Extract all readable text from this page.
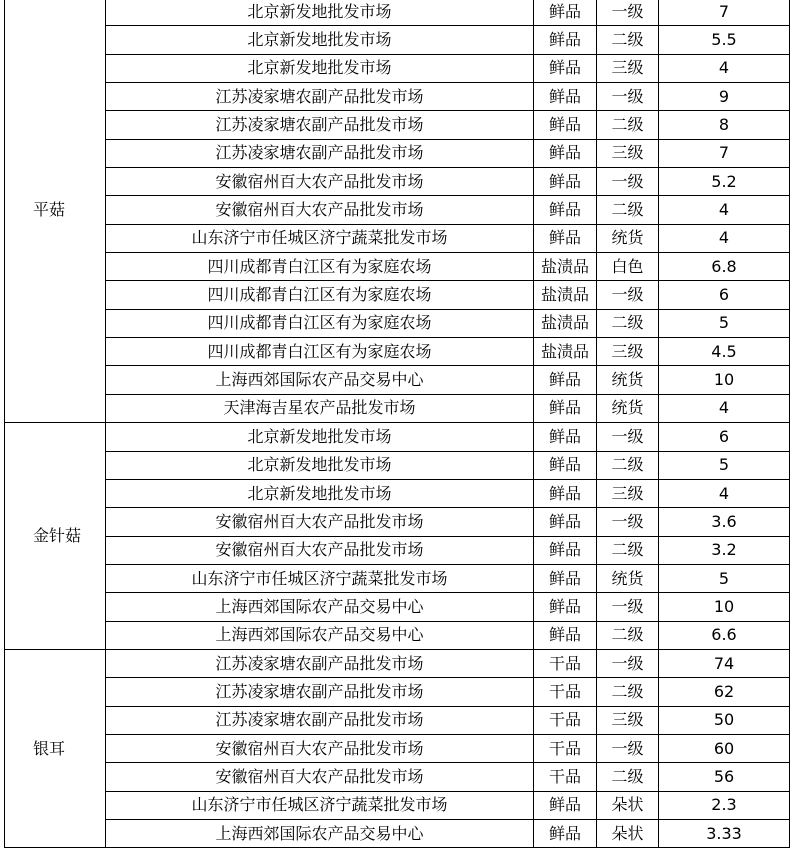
平菇	北京新发地批发市场	鲜品	一级	7
	北京新发地批发市场	鲜品	二级	5.5
	北京新发地批发市场	鲜品	三级	4
	江苏凌家塘农副产品批发市场	鲜品	一级	9
	江苏凌家塘农副产品批发市场	鲜品	二级	8
	江苏凌家塘农副产品批发市场	鲜品	三级	7
	安徽宿州百大农产品批发市场	鲜品	一级	5.2
	安徽宿州百大农产品批发市场	鲜品	二级	4
	山东济宁市任城区济宁蔬菜批发市场	鲜品	统货	4
	四川成都青白江区有为家庭农场	盐渍品	白色	6.8
	四川成都青白江区有为家庭农场	盐渍品	一级	6
	四川成都青白江区有为家庭农场	盐渍品	二级	5
	四川成都青白江区有为家庭农场	盐渍品	三级	4.5
	上海西郊国际农产品交易中心	鲜品	统货	10
	天津海吉星农产品批发市场	鲜品	统货	4
金针菇	北京新发地批发市场	鲜品	一级	6
	北京新发地批发市场	鲜品	二级	5
	北京新发地批发市场	鲜品	三级	4
	安徽宿州百大农产品批发市场	鲜品	一级	3.6
	安徽宿州百大农产品批发市场	鲜品	二级	3.2
	山东济宁市任城区济宁蔬菜批发市场	鲜品	统货	5
	上海西郊国际农产品交易中心	鲜品	一级	10
	上海西郊国际农产品交易中心	鲜品	二级	6.6
银耳	江苏凌家塘农副产品批发市场	干品	一级	74
	江苏凌家塘农副产品批发市场	干品	二级	62
	江苏凌家塘农副产品批发市场	干品	三级	50
	安徽宿州百大农产品批发市场	干品	一级	60
	安徽宿州百大农产品批发市场	干品	二级	56
	山东济宁市任城区济宁蔬菜批发市场	鲜品	朵状	2.3
	上海西郊国际农产品交易中心	鲜品	朵状	3.33
